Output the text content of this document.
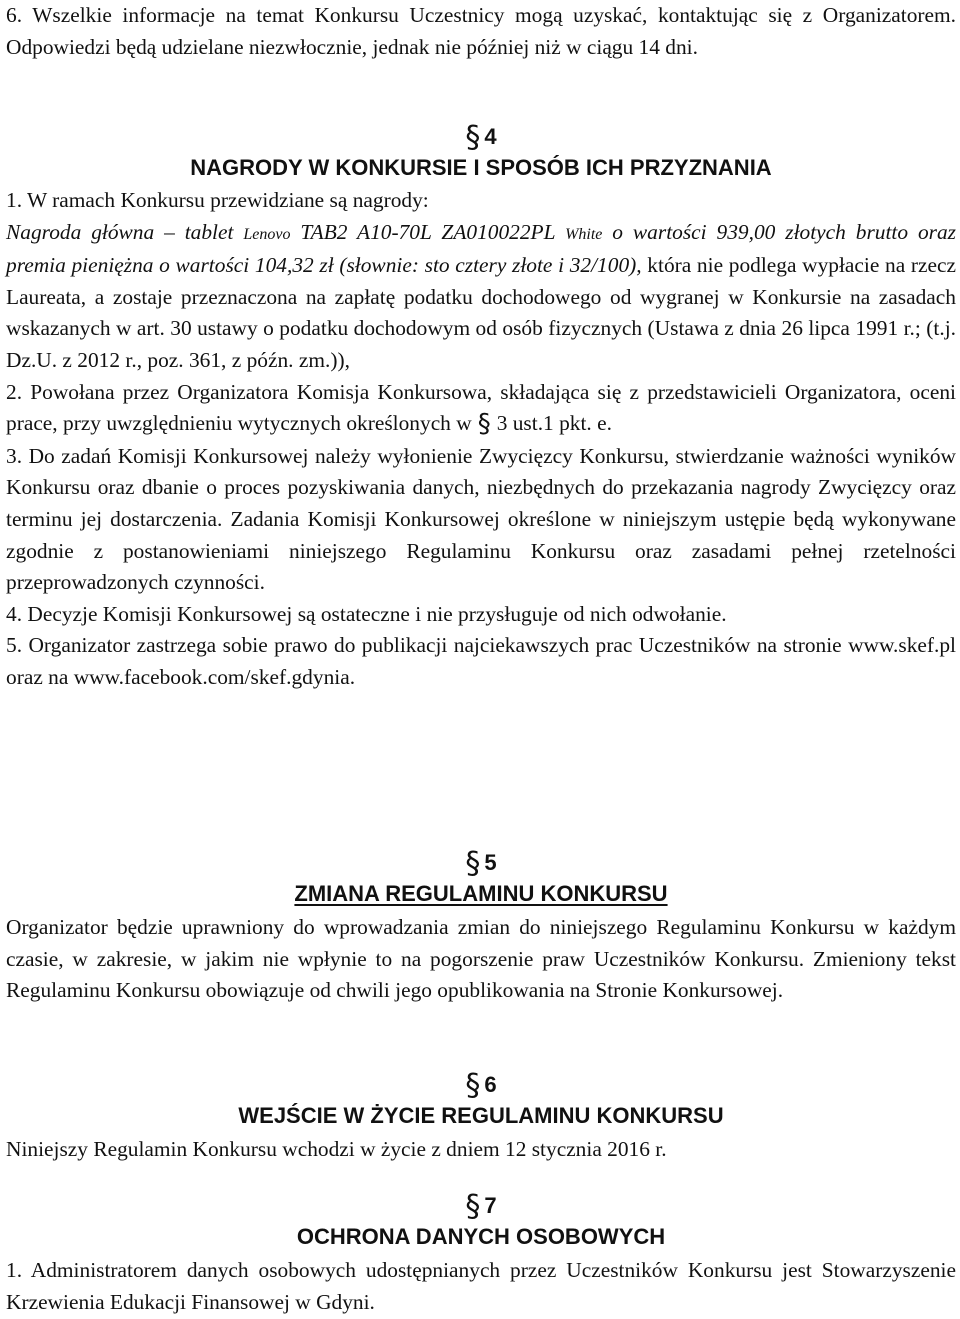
6. Wszelkie informacje na temat Konkursu Uczestnicy mogą uzyskać, kontaktując się z Organizatorem. Odpowiedzi będą udzielane niezwłocznie, jednak nie później niż w ciągu 14 dni.

§ 4

NAGRODY W KONKURSIE I SPOSÓB ICH PRZYZNANIA

1. W ramach Konkursu przewidziane są nagrody:

Nagroda główna – tablet Lenovo TAB2 A10-70L ZA010022PL White o wartości 939,00 złotych brutto oraz premia pieniężna o wartości 104,32 zł (słownie: sto cztery złote i 32/100), która nie podlega wypłacie na rzecz Laureata, a zostaje przeznaczona na zapłatę podatku dochodowego od wygranej w Konkursie na zasadach wskazanych w art. 30 ustawy o podatku dochodowym od osób fizycznych (Ustawa z dnia 26 lipca 1991 r.; (t.j. Dz.U. z 2012 r., poz. 361, z późn. zm.)),

2. Powołana przez Organizatora Komisja Konkursowa, składająca się z przedstawicieli Organizatora, oceni prace, przy uwzględnieniu wytycznych określonych w § 3 ust.1 pkt. e.

3. Do zadań Komisji Konkursowej należy wyłonienie Zwycięzcy Konkursu, stwierdzanie ważności wyników Konkursu oraz dbanie o proces pozyskiwania danych, niezbędnych do przekazania nagrody Zwycięzcy oraz terminu jej dostarczenia. Zadania Komisji Konkursowej określone w niniejszym ustępie będą wykonywane zgodnie z postanowieniami niniejszego Regulaminu Konkursu oraz zasadami pełnej rzetelności przeprowadzonych czynności.

4. Decyzje Komisji Konkursowej są ostateczne i nie przysługuje od nich odwołanie.

5. Organizator zastrzega sobie prawo do publikacji najciekawszych prac Uczestników na stronie www.skef.pl oraz na www.facebook.com/skef.gdynia.

§ 5

ZMIANA REGULAMINU KONKURSU

Organizator będzie uprawniony do wprowadzania zmian do niniejszego Regulaminu Konkursu w każdym czasie, w zakresie, w jakim nie wpłynie to na pogorszenie praw Uczestników Konkursu. Zmieniony tekst Regulaminu Konkursu obowiązuje od chwili jego opublikowania na Stronie Konkursowej.

§ 6

WEJŚCIE W ŻYCIE REGULAMINU KONKURSU

Niniejszy Regulamin Konkursu wchodzi w życie z dniem 12 stycznia 2016 r.

§ 7

OCHRONA DANYCH OSOBOWYCH

1. Administratorem danych osobowych udostępnianych przez Uczestników Konkursu jest Stowarzyszenie Krzewienia Edukacji Finansowej w Gdyni.
